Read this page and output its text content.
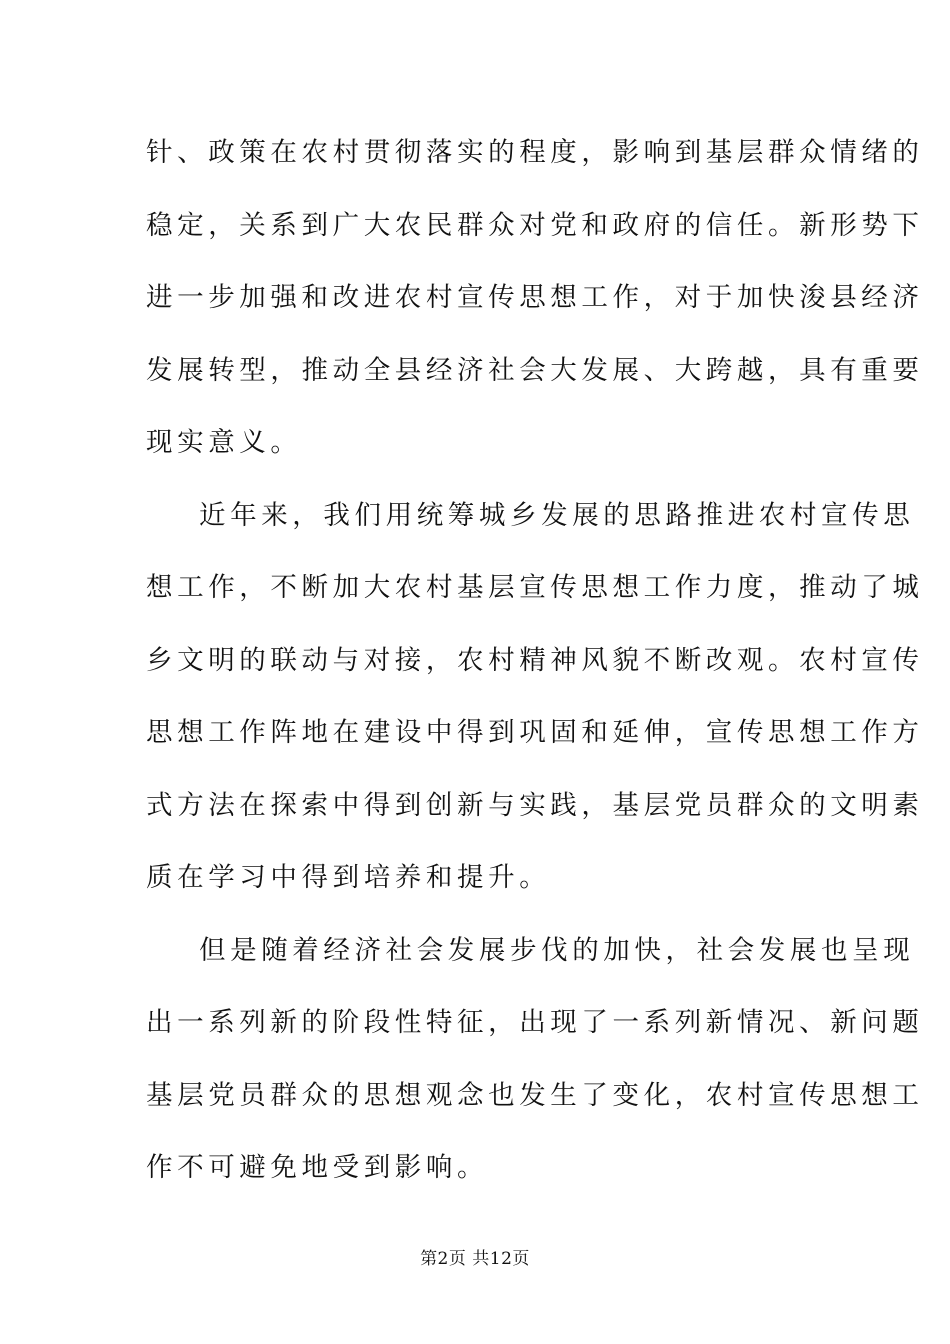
针、政策在农村贯彻落实的程度，影响到基层群众情绪的
稳定，关系到广大农民群众对党和政府的信任。新形势下
进一步加强和改进农村宣传思想工作，对于加快浚县经济
发展转型，推动全县经济社会大发展、大跨越，具有重要
现实意义。
近年来，我们用统筹城乡发展的思路推进农村宣传思
想工作，不断加大农村基层宣传思想工作力度，推动了城
乡文明的联动与对接，农村精神风貌不断改观。农村宣传
思想工作阵地在建设中得到巩固和延伸，宣传思想工作方
式方法在探索中得到创新与实践，基层党员群众的文明素
质在学习中得到培养和提升。
但是随着经济社会发展步伐的加快，社会发展也呈现
出一系列新的阶段性特征，出现了一系列新情况、新问题
基层党员群众的思想观念也发生了变化，农村宣传思想工
作不可避免地受到影响。
第2页 共12页
